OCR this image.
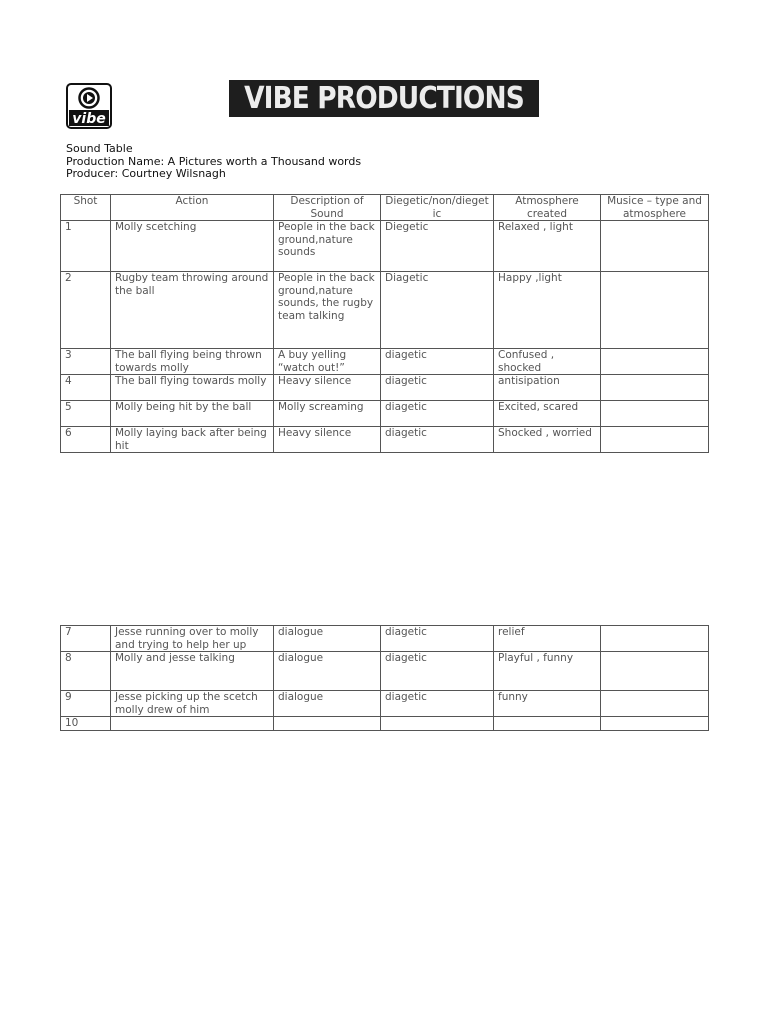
vibe
VIBE PRODUCTIONS
Sound Table
Production Name: A Pictures worth a Thousand words
Producer: Courtney Wilsnagh
Shot	Action	Description of Sound	Diegetic/non/diegetic	Atmosphere created	Musice – type and atmosphere
1	Molly scetching	People in the back ground,nature sounds	Diegetic	Relaxed , light	
2	Rugby team throwing around the ball	People in the back ground,nature sounds, the rugby team talking	Diagetic	Happy ,light	
3	The ball flying being thrown towards molly	A buy yelling “watch out!”	diagetic	Confused , shocked	
4	The ball flying towards molly	Heavy silence	diagetic	antisipation	
5	Molly being hit by the ball	Molly screaming	diagetic	Excited, scared	
6	Molly laying back after being hit	Heavy silence	diagetic	Shocked , worried	
7	Jesse running over to molly and trying to help her up	dialogue	diagetic	relief	
8	Molly and jesse talking	dialogue	diagetic	Playful , funny	
9	Jesse picking up the scetch molly drew of him	dialogue	diagetic	funny	
10					
